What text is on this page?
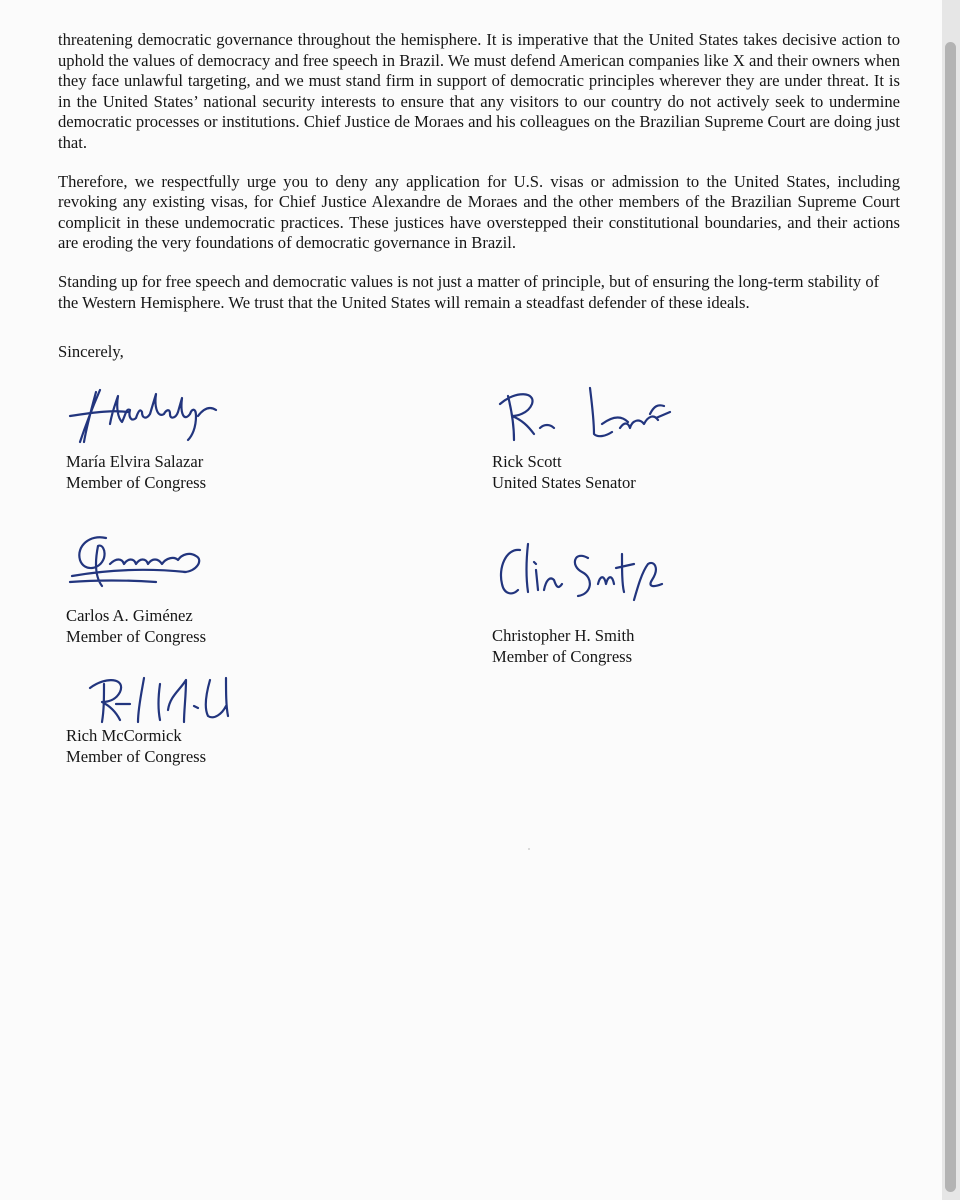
threatening democratic governance throughout the hemisphere. It is imperative that the United States takes decisive action to uphold the values of democracy and free speech in Brazil. We must defend American companies like X and their owners when they face unlawful targeting, and we must stand firm in support of democratic principles wherever they are under threat. It is in the United States’ national security interests to ensure that any visitors to our country do not actively seek to undermine democratic processes or institutions. Chief Justice de Moraes and his colleagues on the Brazilian Supreme Court are doing just that.

Therefore, we respectfully urge you to deny any application for U.S. visas or admission to the United States, including revoking any existing visas, for Chief Justice Alexandre de Moraes and the other members of the Brazilian Supreme Court complicit in these undemocratic practices. These justices have overstepped their constitutional boundaries, and their actions are eroding the very foundations of democratic governance in Brazil.

Standing up for free speech and democratic values is not just a matter of principle, but of ensuring the long-term stability of the Western Hemisphere. We trust that the United States will remain a steadfast defender of these ideals.

Sincerely,
María Elvira Salazar
Member of Congress
Rick Scott
United States Senator
Carlos A. Giménez
Member of Congress	Christopher H. Smith
Member of Congress
Rich McCormick
Member of Congress
